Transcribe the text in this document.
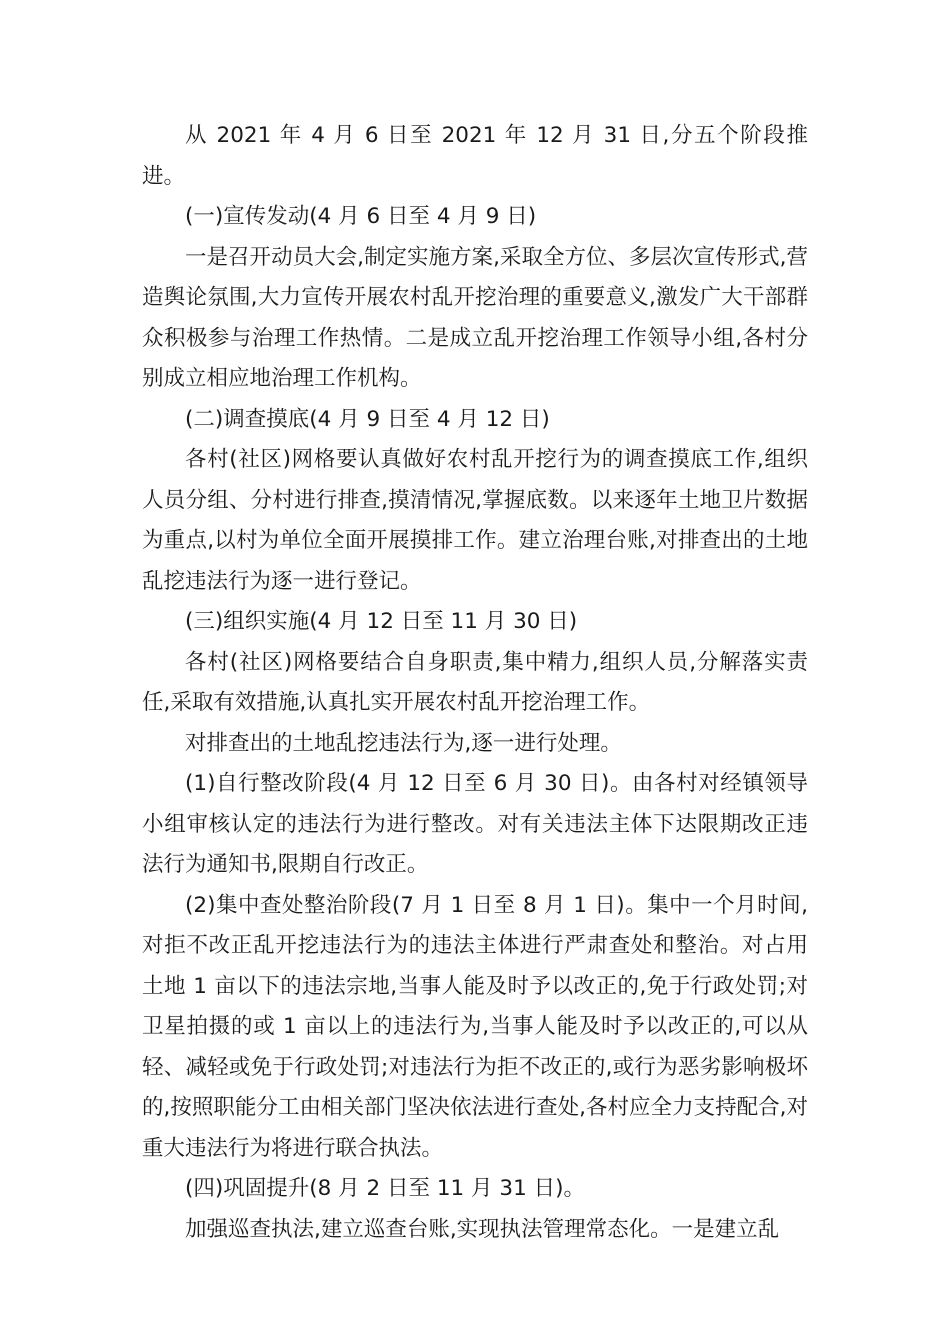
从 2021 年 4 月 6 日至 2021 年 12 月 31 日,分五个阶段推进。

(一)宣传发动(4 月 6 日至 4 月 9 日)

一是召开动员大会,制定实施方案,采取全方位、多层次宣传形式,营造舆论氛围,大力宣传开展农村乱开挖治理的重要意义,激发广大干部群众积极参与治理工作热情。二是成立乱开挖治理工作领导小组,各村分别成立相应地治理工作机构。

(二)调查摸底(4 月 9 日至 4 月 12 日)

各村(社区)网格要认真做好农村乱开挖行为的调查摸底工作,组织人员分组、分村进行排查,摸清情况,掌握底数。以来逐年土地卫片数据为重点,以村为单位全面开展摸排工作。建立治理台账,对排查出的土地乱挖违法行为逐一进行登记。

(三)组织实施(4 月 12 日至 11 月 30 日)

各村(社区)网格要结合自身职责,集中精力,组织人员,分解落实责任,采取有效措施,认真扎实开展农村乱开挖治理工作。

对排查出的土地乱挖违法行为,逐一进行处理。

(1)自行整改阶段(4 月 12 日至 6 月 30 日)。由各村对经镇领导小组审核认定的违法行为进行整改。对有关违法主体下达限期改正违法行为通知书,限期自行改正。

(2)集中查处整治阶段(7 月 1 日至 8 月 1 日)。集中一个月时间,对拒不改正乱开挖违法行为的违法主体进行严肃查处和整治。对占用土地 1 亩以下的违法宗地,当事人能及时予以改正的,免于行政处罚;对卫星拍摄的或 1 亩以上的违法行为,当事人能及时予以改正的,可以从轻、减轻或免于行政处罚;对违法行为拒不改正的,或行为恶劣影响极坏的,按照职能分工由相关部门坚决依法进行查处,各村应全力支持配合,对重大违法行为将进行联合执法。

(四)巩固提升(8 月 2 日至 11 月 31 日)。

加强巡查执法,建立巡查台账,实现执法管理常态化。一是建立乱
